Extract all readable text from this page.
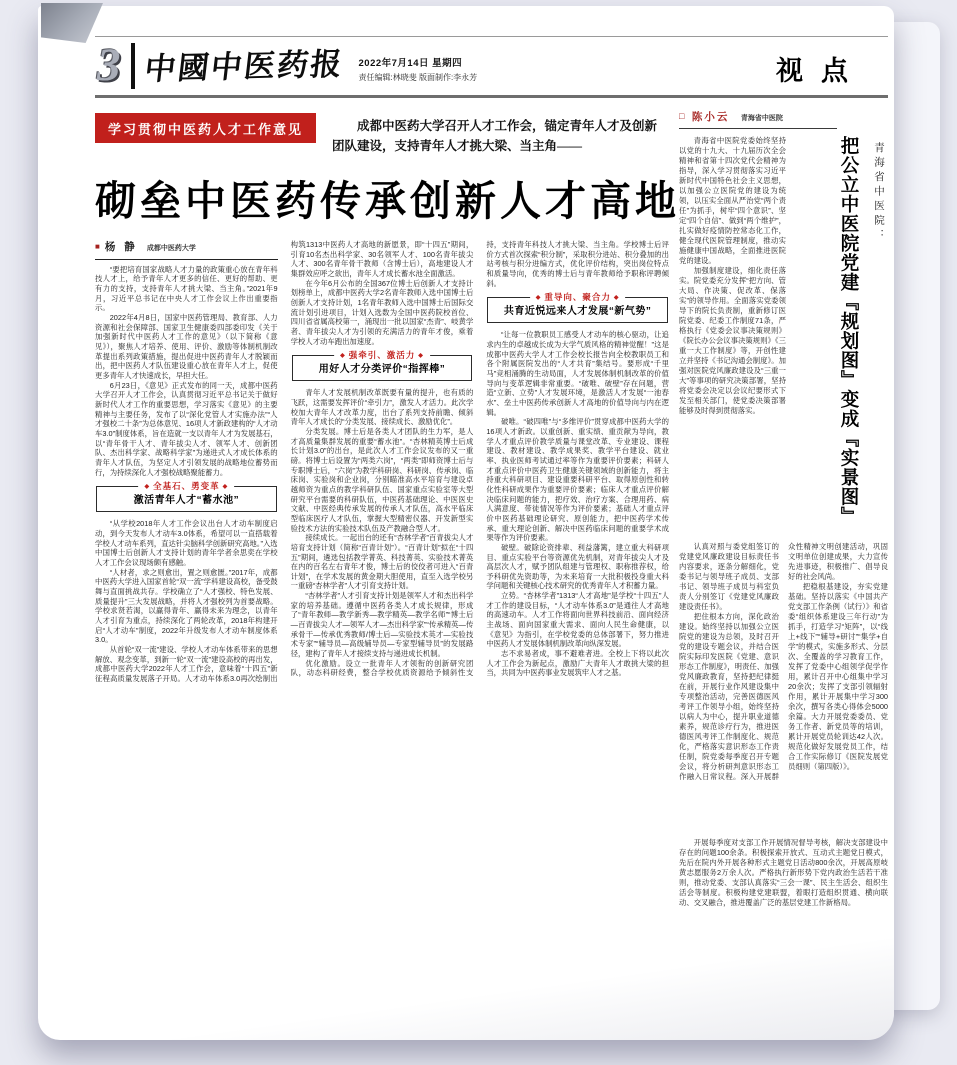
3 中國中医药报 2022年7月14日 星期四
责任编辑:林晓斐 版面制作:李永芳	视点
学习贯彻中医药人才工作意见	成都中医药大学召开人才工作会，锚定青年人才及创新团队建设，支持青年人才挑大梁、当主角——
砌垒中医药传承创新人才高地
■ 杨 静 成都中医药大学

“要把培育国家战略人才力量的政策重心放在青年科技人才上，给予青年人才更多的信任、更好的帮助、更有力的支持，支持青年人才挑大梁、当主角。”2021年9月，习近平总书记在中央人才工作会议上作出重要指示。

2022年4月8日，国家中医药管理局、教育部、人力资源和社会保障部、国家卫生健康委四部委印发《关于加强新时代中医药人才工作的意见》（以下简称《意见》），聚焦人才培养、使用、评价、激励等体制机制改革提出系列政策措施，提出促进中医药青年人才脱颖而出，把中医药人才队伍建设重心放在青年人才上，促使更多青年人才快速成长，早担大任。

6月23日，《意见》正式发布的同一天，成都中医药大学召开人才工作会，认真贯彻习近平总书记关于做好新时代人才工作的重要思想，学习落实《意见》的主要精神与主要任务，发布了以“深化党管人才实施办法”“人才强校二十条”为总体意见、16项人才新政建构的“人才动车3.0”制度体系，旨在造就一支以青年人才为发展基石，以“青年骨干人才、青年拔尖人才、领军人才、创新团队、杰出科学家、战略科学家”为递进式人才成长体系的青年人才队伍，为坚定人才引领发展的战略地位蓄势而行，为持续深化人才强校战略聚能蓄力。

◆ 全基石、勇变革 ◆
激活青年人才“蓄水池”

“从学校2018年人才工作会议出台人才动车制度启动，到今天发布人才动车3.0体系，希望可以一直搭载着学校人才动车系列，直达针尖脑科学创新研究高地。”入选中国博士后创新人才支持计划的青年学者余思奕在学校人才工作会议现场颇有感触。

“人材者，求之则愈出，置之则愈匮。”2017年，成都中医药大学进入国家首轮“双一流”学科建设高校，备受鼓舞与直面挑战共存。学校确立了“人才强校、特色发展、质量提升”三大发展战略，并将人才强校列为首要战略。学校求贤若渴，以赢得青年、赢得未来为理念，以青年人才引育为重点，持续深化了两轮改革，2018年构建开启“人才动车”制度，2022年升级发布人才动车制度体系3.0。

从首轮“双一流”建设、学校人才动车体系带来的思想解放、观念变革，到新一轮“双一流”建设高校的再出发，成都中医药大学2022年人才工作会，意味着“十四五”新征程高质量发展落子开局。人才动车体系3.0再次绘制出构筑1313中医药人才高地的新愿景，即“十四五”期间，引育10名杰出科学家、30名领军人才、100名青年拔尖人才、300名青年骨干教师（含博士后），高地建设人才集群效应呼之欲出，青年人才成长蓄水池全面激活。

在今年6月公布的全国367位博士后创新人才支持计划榜单上，成都中医药大学2名青年教师入选中国博士后创新人才支持计划，1名青年教师入选中国博士后国际交流计划引进项目，计划入选数为全国中医药院校首位、四川省省属高校第一，涌现出一批以国家“杰青”、岐黄学者、青年拔尖人才为引领的充满活力的青年才俊，乘着学校人才动车跑出加速度。

◆ 强牵引、激活力 ◆
用好人才分类评价“指挥棒”

青年人才发展机制改革既要有量的提升，也有质的飞跃，这需要发挥评价“牵引力”，激发人才活力。此次学校加大青年人才改革力度，出台了系列支持前瞻、倾斜青年人才成长的“分类发展、接续成长、激励优化”。

分类发展。博士后是各类人才团队的生力军，是人才高质量集群发展的重要“蓄水池”。“杏林精英博士后成长计划3.0”的出台，是此次人才工作会议发布的又一重磅。将博士后设置为“两类六岗”，“两类”即师资博士后与专职博士后，“六岗”为教学科研岗、科研岗、传承岗、临床岗、实验岗和企业岗，分别瞄准高水平培育与建设卓越师资为重点的教学科研队伍、国家重点实验室等大型研究平台需要的科研队伍，中医药基础理论、中医医史文献、中医经典传承发展的传承人才队伍，高水平临床型临床医疗人才队伍，掌握大型精密仪器、开发新型实验技术方法的实验技术队伍及产教融合型人才。

接续成长。一起出台的还有“杏林学者”百青拔尖人才培育支持计划（简称“百青计划”）。“百青计划”拟在“十四五”期间，遴选包括教学菁英、科技菁英、实验技术菁英在内的百名左右青年才俊，博士后的佼佼者可进入“百青计划”，在学术发展的黄金期大胆使用，直至入选学校另一重磅“杏林学者”人才引育支持计划。

“杏林学者”人才引育支持计划是领军人才和杰出科学家的培养基础。遵循中医药各类人才成长规律，形成了“青年教师—教学新秀—教学精英—教学名师”“博士后—百青拔尖人才—领军人才—杰出科学家”“传承精英—传承骨干—传承优秀教师/博士后—实验技术英才—实验技术专家”“辅导员—高级辅导员—专家型辅导员”的发展路径，建构了青年人才接续支持与递进成长机制。

优化激励。设立一批青年人才领衔的创新研究团队，动态科研经费，整合学校优质资源给予倾斜性支持，支持青年科技人才挑大梁、当主角。学校博士后评价方式首次探索“积分制”，采取积分进站、积分叠加的出站考核与积分进编方式，优化评价结构，突出岗位特点和质量导向，优秀的博士后与青年教师给予职称评聘倾斜。

◆ 重导向、聚合力 ◆
共育近悦远来人才发展“新气势”

“让每一位教职员工感受人才动车的核心驱动，让追求内生的卓越成长成为大学气质风格的精神觉醒！”这是成都中医药大学人才工作会校长报告向全校教职员工和各个附属医院发出的“人才共育”集结号。要形成“千里马”竞相涌腾的生动局面，人才发展体制机制改革的价值导向与变革逻辑非常重要。“破唯、破壁”存在问题，营造“立新、立势”人才发展环境，是激活人才发展“一池春水”、垒土中医药传承创新人才高地的价值导向与内在逻辑。

破唯。“破四唯”与“多维评价”贯穿成都中医药大学的16项人才新政。以重创新、重实绩、重贡献为导向，教学人才重点评价教学质量与课堂改革、专业建设、课程建设、教材建设、教学成果奖、教学平台建设、就业率、执业医师考试通过率等作为重要评价要素；科研人才重点评价中医药卫生健康关键领域的创新能力，将主持重大科研项目、建设重要科研平台、取得原创性和转化性科研成果作为重要评价要素；临床人才重点评价解决临床问题的能力，把疗效、治疗方案、合理用药、病人满意度、带徒情况等作为评价要素；基础人才重点评价中医药基础理论研究、原创能力，把中医药学术传承、重大理论创新、解决中医药临床问题的重要学术成果等作为评价要素。

破壁。破除论资排辈、利益藩篱，建立重大科研项目、重点实验平台等资源优先机制，对青年拔尖人才及高层次人才，赋予团队组建与管理权、职称推荐权，给予科研优先资助等，为未来培育一大批积极投身重大科学问题和关键核心技术研究的优秀青年人才积蓄力量。

立势。“杏林学者”1313“人才高地”是学校“十四五”人才工作的建设目标，“人才动车体系3.0”是通往人才高地的高速动车。人才工作将面向世界科技前沿、面向经济主战场、面向国家重大需求、面向人民生命健康，以《意见》为指引，在学校党委的总体部署下，努力推进中医药人才发展体制机制改革向纵深发展。

志不求易者成，事不避难者进。全校上下将以此次人才工作会为新起点，激励广大青年人才敢挑大梁的担当，共同为中医药事业发展筑牢人才之基。

□ 陈小云 青海省中医院

青海省中医院党委始终坚持以党的十九大、十九届历次全会精神和省第十四次党代会精神为指导，深入学习贯彻落实习近平新时代中国特色社会主义思想，以加强公立医院党的建设为统领，以压实全面从严治党“两个责任”为抓手，树牢“四个意识”、坚定“四个自信”、做到“两个维护”，扎实做好疫情防控常态化工作，健全现代医院管理制度，推动实施健康中国战略，全面推进医院党的建设。

加强制度建设，细化责任落实。院党委充分发挥“把方向、管大局、作决策、促改革、保落实”的领导作用。全面落实党委领导下的院长负责制，重新修订医院党委、纪委工作制度71条，严格执行《党委会议事决策规则》《院长办公会议事决策规则》《三重一大工作制度》等，开创性建立并坚持《书记沟通会制度》。加强对医院党风廉政建设及“三重一大”等事项的研究决策部署，坚持将党委会决定以会议纪要形式下发至相关部门，使党委决策部署能够及时得到贯彻落实。

青海省中医院：
把公立中医院党建『规划图』变成『实景图』

认真对照与委党组签订的党建党风廉政建设目标责任书内容要求，逐条分解细化，党委书记与领导班子成员、支部书记、领导班子成员与科室负责人分别签订《党建党风廉政建设责任书》。

把住根本方向，深化政治建设。始终坚持以加强公立医院党的建设为总领，及时召开党的建设专题会议，并结合医院实际印发医院《党建、意识形态工作制度》，明责任、加强党风廉政教育，坚持把纪律挺在前，开展行业作风建设集中专项整治活动，完善医德医风考评工作领导小组，始终坚持以病人为中心，提升职业道德素养，规范诊疗行为，推进医德医风考评工作制度化、规范化，严格落实意识形态工作责任制，院党委每季度召开专题会议，将分析研判意识形态工作融入日常议程。深入开展群众性精神文明创建活动，巩固文明单位创建成果，大力宣传先进事迹，积极推广、倡导良好的社会风尚。

把稳根基建设，夯实党建基础。坚持以落实《中国共产党支部工作条例（试行）》和省委“组织体系建设三年行动”为抓手，打造学习“矩阵”，以“线上+线下”“辅导+研讨”“集学+自学”的模式，实施多形式、分层次、全覆盖的学习教育工作，发挥了党委中心组领学促学作用，累计召开中心组集中学习20余次；发挥了支部引领辐射作用，累计开展集中学习300余次，撰写各类心得体会5000余篇。大力开展党委委员、党务工作者、新党员等的培训，累计开展党员轮训达42人次。规范化做好发展党员工作，结合工作实际修订《医院发展党员细则（第四版）》。

开展每季度对支部工作开展情况督导考核，解决支部建设中存在的问题100余条。积极探索开放式、互动式主题党日模式，先后在院内外开展各种形式主题党日活动800余次，开展高原岐黄志愿服务2万余人次。严格执行新形势下党内政治生活若干准则，推动党委、支部认真落实“三会一课”、民主生活会、组织生活会等制度。积极构建党建联盟，着眼打造组织贯通、横向联动、交叉融合，推进覆盖广泛的基层党建工作新格局。
